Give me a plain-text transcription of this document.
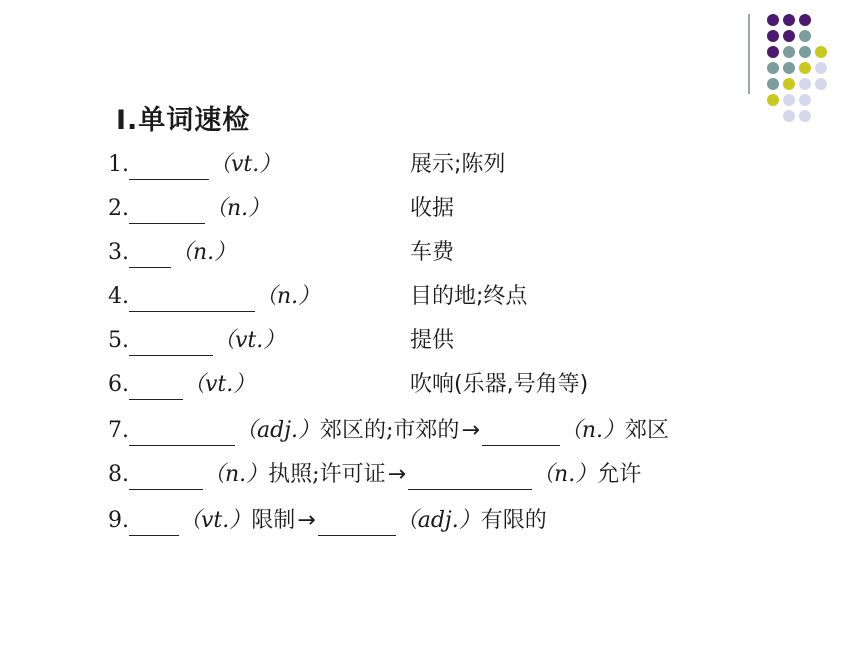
Ⅰ.单词速检
1.	（vt.）	展示;陈列
2.	（n.）	收据
3. （n.）	车费
4.	（n.）	目的地;终点
5.	（vt.）	提供
6. （vt.）	吹响(乐器,号角等)
7.	（adj.）郊区的;市郊的→	（n.）郊区
8.	（n.）执照;许可证→	（n.）允许
9. （vt.）限制→	（adj.）有限的
